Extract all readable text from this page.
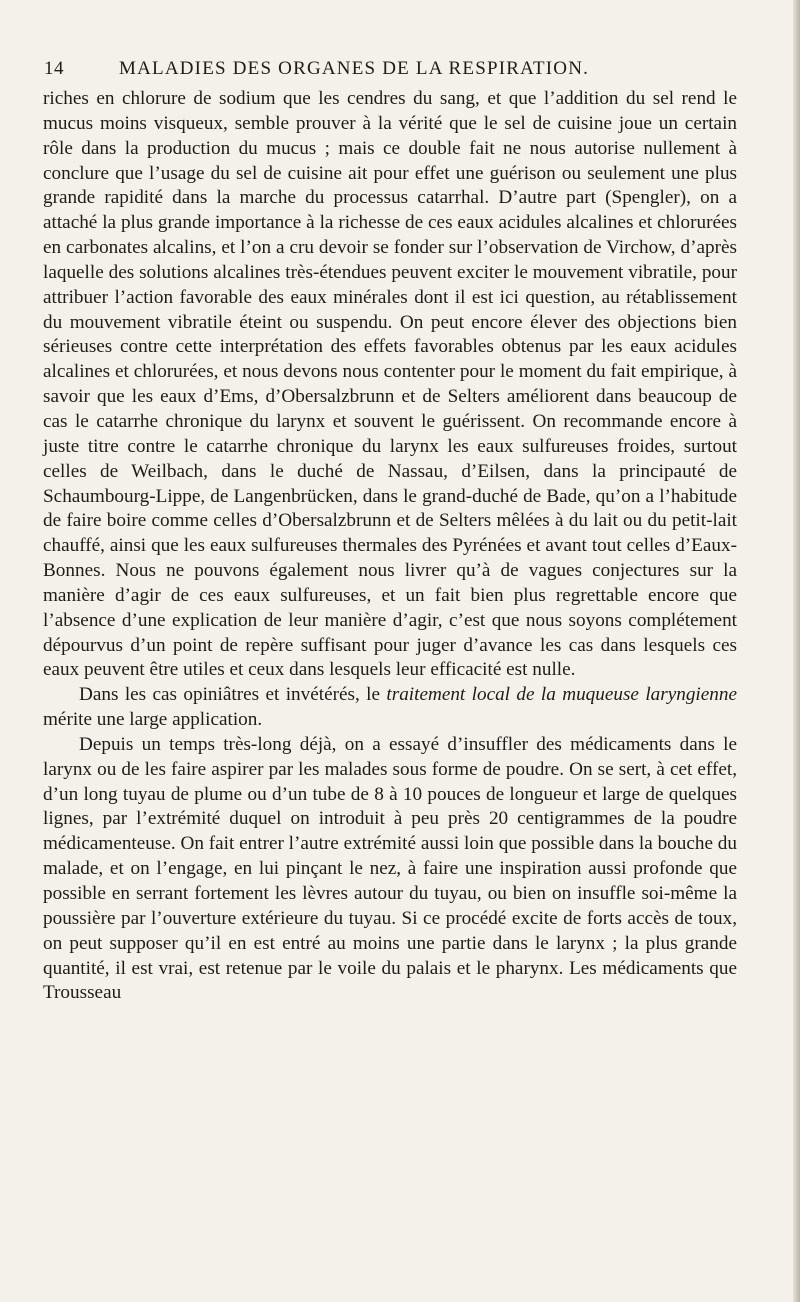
14	MALADIES DES ORGANES DE LA RESPIRATION.

riches en chlorure de sodium que les cendres du sang, et que l’addition du sel rend le mucus moins visqueux, semble prouver à la vérité que le sel de cuisine joue un certain rôle dans la production du mucus ; mais ce double fait ne nous autorise nullement à conclure que l’usage du sel de cuisine ait pour effet une guérison ou seulement une plus grande rapidité dans la marche du processus catarrhal. D’autre part (Spengler), on a attaché la plus grande importance à la richesse de ces eaux acidules alcalines et chlorurées en carbonates alcalins, et l’on a cru devoir se fonder sur l’observation de Virchow, d’après laquelle des solutions alcalines très-étendues peuvent exciter le mouvement vibratile, pour attribuer l’action favorable des eaux minérales dont il est ici question, au rétablissement du mouvement vibratile éteint ou suspendu. On peut encore élever des objections bien sérieuses contre cette interprétation des effets favorables obtenus par les eaux acidules alcalines et chlorurées, et nous devons nous contenter pour le moment du fait empirique, à savoir que les eaux d’Ems, d’Obersalzbrunn et de Selters améliorent dans beaucoup de cas le catarrhe chronique du larynx et souvent le guérissent. On recommande encore à juste titre contre le catarrhe chronique du larynx les eaux sulfureuses froides, surtout celles de Weilbach, dans le duché de Nassau, d’Eilsen, dans la principauté de Schaumbourg-Lippe, de Langenbrücken, dans le grand-duché de Bade, qu’on a l’habitude de faire boire comme celles d’Obersalzbrunn et de Selters mêlées à du lait ou du petit-lait chauffé, ainsi que les eaux sulfureuses thermales des Pyrénées et avant tout celles d’Eaux-Bonnes. Nous ne pouvons également nous livrer qu’à de vagues conjectures sur la manière d’agir de ces eaux sulfureuses, et un fait bien plus regrettable encore que l’absence d’une explication de leur manière d’agir, c’est que nous soyons complétement dépourvus d’un point de repère suffisant pour juger d’avance les cas dans lesquels ces eaux peuvent être utiles et ceux dans lesquels leur efficacité est nulle.

Dans les cas opiniâtres et invétérés, le traitement local de la muqueuse laryngienne mérite une large application.

Depuis un temps très-long déjà, on a essayé d’insuffler des médicaments dans le larynx ou de les faire aspirer par les malades sous forme de poudre. On se sert, à cet effet, d’un long tuyau de plume ou d’un tube de 8 à 10 pouces de longueur et large de quelques lignes, par l’extrémité duquel on introduit à peu près 20 centigrammes de la poudre médicamenteuse. On fait entrer l’autre extrémité aussi loin que possible dans la bouche du malade, et on l’engage, en lui pinçant le nez, à faire une inspiration aussi profonde que possible en serrant fortement les lèvres autour du tuyau, ou bien on insuffle soi-même la poussière par l’ouverture extérieure du tuyau. Si ce procédé excite de forts accès de toux, on peut supposer qu’il en est entré au moins une partie dans le larynx ; la plus grande quantité, il est vrai, est retenue par le voile du palais et le pharynx. Les médicaments que Trousseau
